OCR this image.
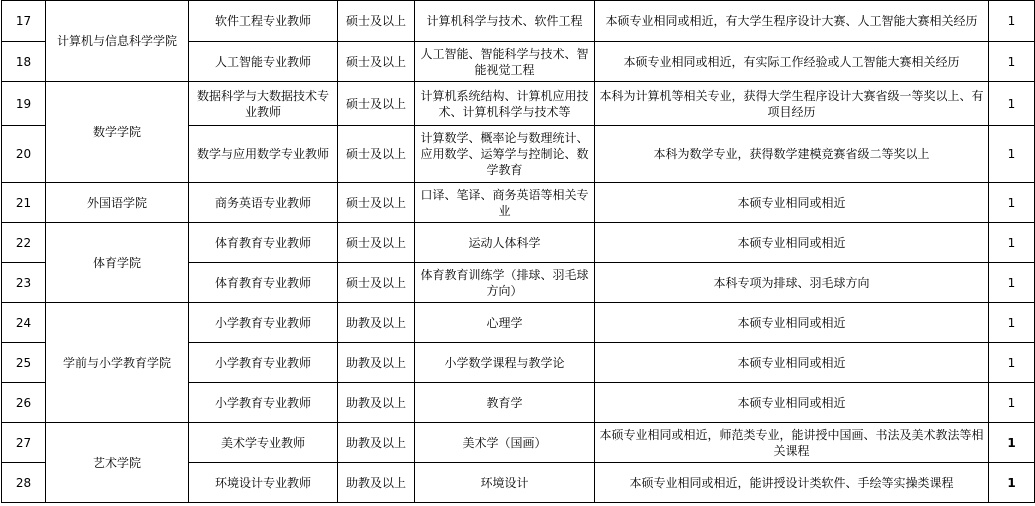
17	计算机与信息科学学院	软件工程专业教师	硕士及以上	计算机科学与技术、软件工程	本硕专业相同或相近，有大学生程序设计大赛、人工智能大赛相关经历	1
18		人工智能专业教师	硕士及以上	人工智能、智能科学与技术、智能视觉工程	本硕专业相同或相近，有实际工作经验或人工智能大赛相关经历	1
19	数学学院	数据科学与大数据技术专业教师	硕士及以上	计算机系统结构、计算机应用技术、计算机科学与技术等	本科为计算机等相关专业，获得大学生程序设计大赛省级一等奖以上、有项目经历	1
20		数学与应用数学专业教师	硕士及以上	计算数学、概率论与数理统计、应用数学、运筹学与控制论、数学教育	本科为数学专业，获得数学建模竞赛省级二等奖以上	1
21	外国语学院	商务英语专业教师	硕士及以上	口译、笔译、商务英语等相关专业	本硕专业相同或相近	1
22	体育学院	体育教育专业教师	硕士及以上	运动人体科学	本硕专业相同或相近	1
23		体育教育专业教师	硕士及以上	体育教育训练学（排球、羽毛球方向）	本科专项为排球、羽毛球方向	1
24	学前与小学教育学院	小学教育专业教师	助教及以上	心理学	本硕专业相同或相近	1
25		小学教育专业教师	助教及以上	小学数学课程与教学论	本硕专业相同或相近	1
26		小学教育专业教师	助教及以上	教育学	本硕专业相同或相近	1
27	艺术学院	美术学专业教师	助教及以上	美术学（国画）	本硕专业相同或相近，师范类专业，能讲授中国画、书法及美术教法等相关课程	1
28		环境设计专业教师	助教及以上	环境设计	本硕专业相同或相近，能讲授设计类软件、手绘等实操类课程	1
